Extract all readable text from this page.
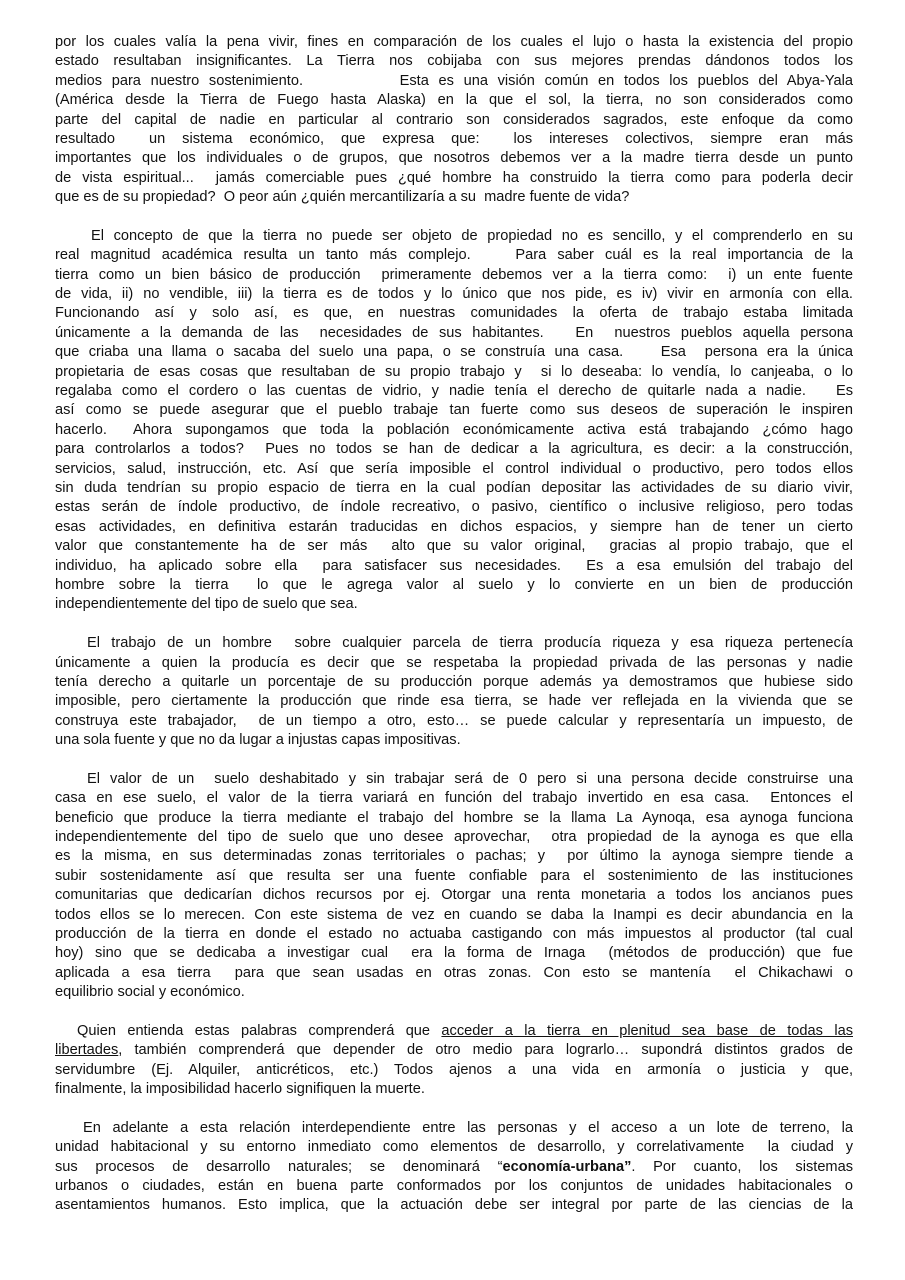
por los cuales valía la pena vivir, fines en comparación de los cuales el lujo o hasta la existencia del propio
estado resultaban insignificantes. La Tierra nos cobijaba con sus mejores prendas dándonos todos los
medios para nuestro sostenimiento.          Esta es una visión común en todos los pueblos del Abya-Yala
(América desde la Tierra de Fuego hasta Alaska) en la que el sol, la tierra, no son considerados como
parte del capital de nadie en particular al contrario son considerados sagrados, este enfoque da como
resultado  un sistema económico, que expresa que:  los intereses colectivos, siempre eran más
importantes que los individuales o de grupos, que nosotros debemos ver a la madre tierra desde un punto
de vista espiritual...  jamás comerciable pues ¿qué hombre ha construido la tierra como para poderla decir
que es de su propiedad?  O peor aún ¿quién mercantilizaría a su  madre fuente de vida?
El concepto de que la tierra no puede ser objeto de propiedad no es sencillo, y el comprenderlo en su
real magnitud académica resulta un tanto más complejo.    Para saber cuál es la real importancia de la
tierra como un bien básico de producción  primeramente debemos ver a la tierra como:  i) un ente fuente
de vida, ii) no vendible, iii) la tierra es de todos y lo único que nos pide, es iv) vivir en armonía con ella.
Funcionando así y solo así, es que, en nuestras comunidades la oferta de trabajo estaba limitada
únicamente a la demanda de las  necesidades de sus habitantes.   En  nuestros pueblos aquella persona
que criaba una llama o sacaba del suelo una papa, o se construía una casa.    Esa  persona era la única
propietaria de esas cosas que resultaban de su propio trabajo y  si lo deseaba: lo vendía, lo canjeaba, o lo
regalaba como el cordero o las cuentas de vidrio, y nadie tenía el derecho de quitarle nada a nadie.   Es
así como se puede asegurar que el pueblo trabaje tan fuerte como sus deseos de superación le inspiren
hacerlo.  Ahora supongamos que toda la población económicamente activa está trabajando ¿cómo hago
para controlarlos a todos?  Pues no todos se han de dedicar a la agricultura, es decir: a la construcción,
servicios, salud, instrucción, etc. Así que sería imposible el control individual o productivo, pero todos ellos
sin duda tendrían su propio espacio de tierra en la cual podían depositar las actividades de su diario vivir,
estas serán de índole productivo, de índole recreativo, o pasivo, científico o inclusive religioso, pero todas
esas actividades, en definitiva estarán traducidas en dichos espacios, y siempre han de tener un cierto
valor que constantemente ha de ser más  alto que su valor original,  gracias al propio trabajo, que el
individuo, ha aplicado sobre ella  para satisfacer sus necesidades.  Es a esa emulsión del trabajo del
hombre sobre la tierra  lo que le agrega valor al suelo y lo convierte en un bien de producción
independientemente del tipo de suelo que sea.
El trabajo de un hombre  sobre cualquier parcela de tierra producía riqueza y esa riqueza pertenecía
únicamente a quien la producía es decir que se respetaba la propiedad privada de las personas y nadie
tenía derecho a quitarle un porcentaje de su producción porque además ya demostramos que hubiese sido
imposible, pero ciertamente la producción que rinde esa tierra, se hade ver reflejada en la vivienda que se
construya este trabajador,  de un tiempo a otro, esto… se puede calcular y representaría un impuesto, de
una sola fuente y que no da lugar a injustas capas impositivas.
El valor de un  suelo deshabitado y sin trabajar será de 0 pero si una persona decide construirse una
casa en ese suelo, el valor de la tierra variará en función del trabajo invertido en esa casa.  Entonces el
beneficio que produce la tierra mediante el trabajo del hombre se la llama La Aynoqa, esa aynoga funciona
independientemente del tipo de suelo que uno desee aprovechar,  otra propiedad de la aynoga es que ella
es la misma, en sus determinadas zonas territoriales o pachas; y  por último la aynoga siempre tiende a
subir sostenidamente así que resulta ser una fuente confiable para el sostenimiento de las instituciones
comunitarias que dedicarían dichos recursos por ej. Otorgar una renta monetaria a todos los ancianos pues
todos ellos se lo merecen. Con este sistema de vez en cuando se daba la Inampi es decir abundancia en la
producción de la tierra en donde el estado no actuaba castigando con más impuestos al productor (tal cual
hoy) sino que se dedicaba a investigar cual  era la forma de Irnaga  (métodos de producción) que fue
aplicada a esa tierra  para que sean usadas en otras zonas. Con esto se mantenía  el Chikachawi o
equilibrio social y económico.
Quien entienda estas palabras comprenderá que acceder a la tierra en plenitud sea base de todas las
libertades, también comprenderá que depender de otro medio para lograrlo… supondrá distintos grados de
servidumbre (Ej. Alquiler, anticréticos, etc.) Todos ajenos a una vida en armonía o justicia y que,
finalmente, la imposibilidad hacerlo signifiquen la muerte.
En adelante a esta relación interdependiente entre las personas y el acceso a un lote de terreno, la
unidad habitacional y su entorno inmediato como elementos de desarrollo, y correlativamente  la ciudad y
sus procesos de desarrollo naturales; se denominará “economía-urbana”. Por cuanto, los sistemas
urbanos o ciudades, están en buena parte conformados por los conjuntos de unidades habitacionales o
asentamientos humanos. Esto implica, que la actuación debe ser integral por parte de las ciencias de la
